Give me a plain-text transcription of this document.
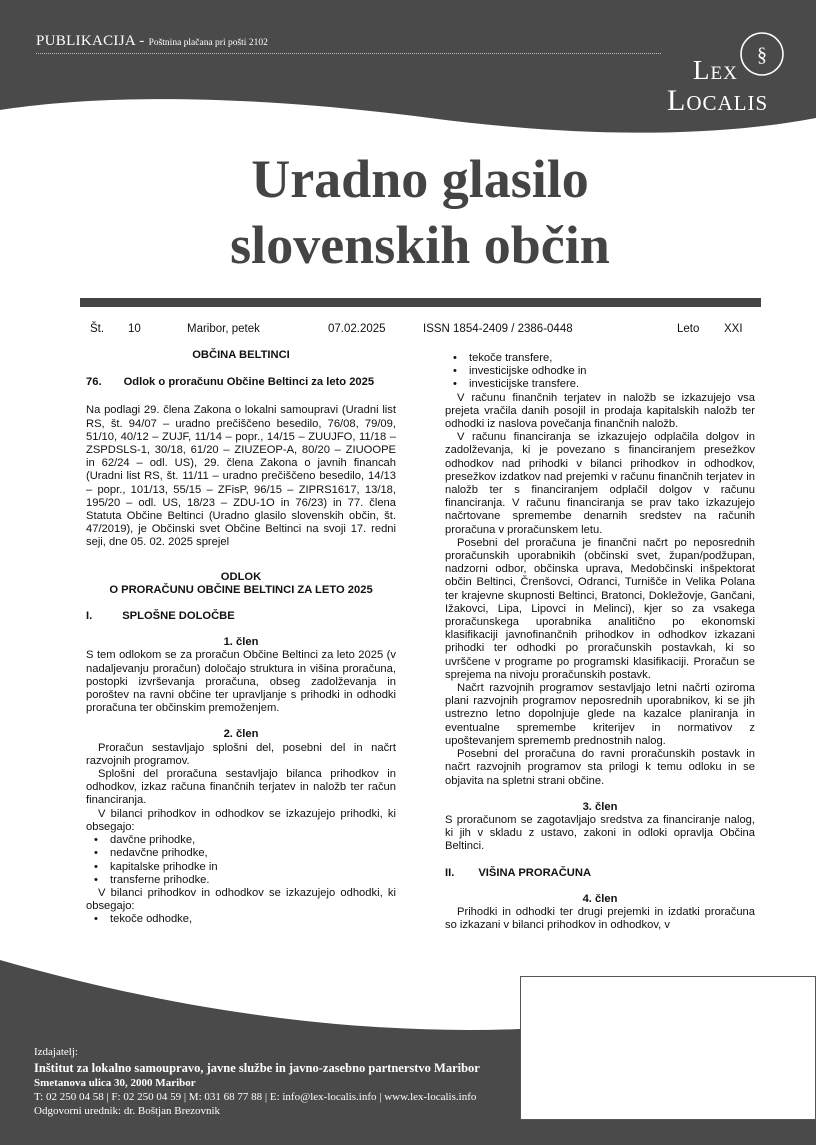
PUBLIKACIJA - Poštnina plačana pri pošti 2102
§
Lex
Localis
Uradno glasilo
slovenskih občin
Št. 10	Maribor, petek	07.02.2025	ISSN 1854-2409 / 2386-0448	Leto XXI

OBČINA BELTINCI

76. Odlok o proračunu Občine Beltinci za leto 2025

Na podlagi 29. člena Zakona o lokalni samoupravi (Uradni list RS, št. 94/07 – uradno prečiščeno besedilo, 76/08, 79/09, 51/10, 40/12 – ZUJF, 11/14 – popr., 14/15 – ZUUJFO, 11/18 – ZSPDSLS-1, 30/18, 61/20 – ZIUZEOP-A, 80/20 – ZIUOOPE in 62/24 – odl. US), 29. člena Zakona o javnih financah (Uradni list RS, št. 11/11 – uradno prečiščeno besedilo, 14/13 – popr., 101/13, 55/15 – ZFisP, 96/15 – ZIPRS1617, 13/18, 195/20 – odl. US, 18/23 – ZDU-1O in 76/23) in 77. člena Statuta Občine Beltinci (Uradno glasilo slovenskih občin, št. 47/2019), je Občinski svet Občine Beltinci na svoji 17. redni seji, dne 05. 02. 2025 sprejel

ODLOK

O PRORAČUNU OBČINE BELTINCI ZA LETO 2025

I.	SPLOŠNE DOLOČBE

1. člen

S tem odlokom se za proračun Občine Beltinci za leto 2025 (v nadaljevanju proračun) določajo struktura in višina proračuna, postopki izvrševanja proračuna, obseg zadolževanja in poroštev na ravni občine ter upravljanje s prihodki in odhodki proračuna ter občinskim premoženjem.

2. člen

Proračun sestavljajo splošni del, posebni del in načrt razvojnih programov.

Splošni del proračuna sestavljajo bilanca prihodkov in odhodkov, izkaz računa finančnih terjatev in naložb ter račun financiranja.

V bilanci prihodkov in odhodkov se izkazujejo prihodki, ki obsegajo:

• davčne prihodke,

• nedavčne prihodke,

• kapitalske prihodke in

• transferne prihodke.

V bilanci prihodkov in odhodkov se izkazujejo odhodki, ki obsegajo:

• tekoče odhodke,

• tekoče transfere,

• investicijske odhodke in

• investicijske transfere.

V računu finančnih terjatev in naložb se izkazujejo vsa prejeta vračila danih posojil in prodaja kapitalskih naložb ter odhodki iz naslova povečanja finančnih naložb.

V računu financiranja se izkazujejo odplačila dolgov in zadolževanja, ki je povezano s financiranjem presežkov odhodkov nad prihodki v bilanci prihodkov in odhodkov, presežkov izdatkov nad prejemki v računu finančnih terjatev in naložb ter s financiranjem odplačil dolgov v računu financiranja. V računu financiranja se prav tako izkazujejo načrtovane spremembe denarnih sredstev na računih proračuna v proračunskem letu.

Posebni del proračuna je finančni načrt po neposrednih proračunskih uporabnikih (občinski svet, župan/podžupan, nadzorni odbor, občinska uprava, Medobčinski inšpektorat občin Beltinci, Črenšovci, Odranci, Turnišče in Velika Polana ter krajevne skupnosti Beltinci, Bratonci, Dokležovje, Gančani, Ižakovci, Lipa, Lipovci in Melinci), kjer so za vsakega proračunskega uporabnika analitično po ekonomski klasifikaciji javnofinančnih prihodkov in odhodkov izkazani prihodki ter odhodki po proračunskih postavkah, ki so uvrščene v programe po programski klasifikaciji. Proračun se sprejema na nivoju proračunskih postavk.

Načrt razvojnih programov sestavljajo letni načrti oziroma plani razvojnih programov neposrednih uporabnikov, ki se jih ustrezno letno dopolnjuje glede na kazalce planiranja in eventualne spremembe kriterijev in normativov z upoštevanjem sprememb prednostnih nalog.

Posebni del proračuna do ravni proračunskih postavk in načrt razvojnih programov sta prilogi k temu odloku in se objavita na spletni strani občine.

3. člen

S proračunom se zagotavljajo sredstva za financiranje nalog, ki jih v skladu z ustavo, zakoni in odloki opravlja Občina Beltinci.

II. VIŠINA PRORAČUNA

4. člen

Prihodki in odhodki ter drugi prejemki in izdatki proračuna so izkazani v bilanci prihodkov in odhodkov, v

Izdajatelj:
Inštitut za lokalno samoupravo, javne službe in javno-zasebno partnerstvo Maribor
Smetanova ulica 30, 2000 Maribor
T: 02 250 04 58 | F: 02 250 04 59 | M: 031 68 77 88 | E: info@lex-localis.info | www.lex-localis.info
Odgovorni urednik: dr. Boštjan Brezovnik
